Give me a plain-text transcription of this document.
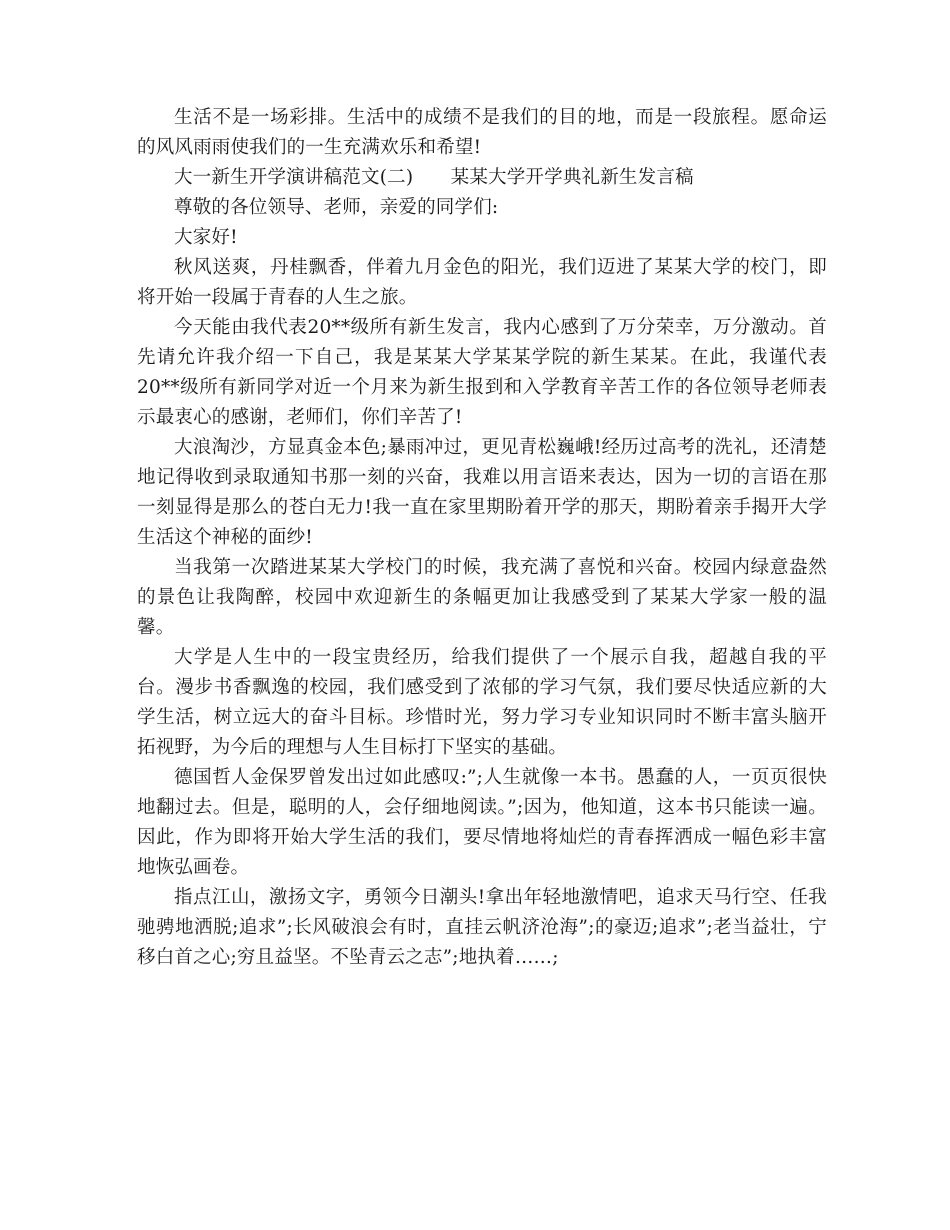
生活不是一场彩排。生活中的成绩不是我们的目的地，而是一段旅程。愿命运的风风雨雨使我们的一生充满欢乐和希望!

大一新生开学演讲稿范文(二)　　某某大学开学典礼新生发言稿

尊敬的各位领导、老师，亲爱的同学们:

大家好!

秋风送爽，丹桂飘香，伴着九月金色的阳光，我们迈进了某某大学的校门，即将开始一段属于青春的人生之旅。

今天能由我代表20**级所有新生发言，我内心感到了万分荣幸，万分激动。首先请允许我介绍一下自己，我是某某大学某某学院的新生某某。在此，我谨代表20**级所有新同学对近一个月来为新生报到和入学教育辛苦工作的各位领导老师表示最衷心的感谢，老师们，你们辛苦了!

大浪淘沙，方显真金本色;暴雨冲过，更见青松巍峨!经历过高考的洗礼，还清楚地记得收到录取通知书那一刻的兴奋，我难以用言语来表达，因为一切的言语在那一刻显得是那么的苍白无力!我一直在家里期盼着开学的那天，期盼着亲手揭开大学生活这个神秘的面纱!

当我第一次踏进某某大学校门的时候，我充满了喜悦和兴奋。校园内绿意盎然的景色让我陶醉，校园中欢迎新生的条幅更加让我感受到了某某大学家一般的温馨。

大学是人生中的一段宝贵经历，给我们提供了一个展示自我，超越自我的平台。漫步书香飘逸的校园，我们感受到了浓郁的学习气氛，我们要尽快适应新的大学生活，树立远大的奋斗目标。珍惜时光，努力学习专业知识同时不断丰富头脑开拓视野，为今后的理想与人生目标打下坚实的基础。

德国哲人金保罗曾发出过如此感叹:”;人生就像一本书。愚蠢的人，一页页很快地翻过去。但是，聪明的人，会仔细地阅读。”;因为，他知道，这本书只能读一遍。因此，作为即将开始大学生活的我们，要尽情地将灿烂的青春挥洒成一幅色彩丰富地恢弘画卷。

指点江山，激扬文字，勇领今日潮头!拿出年轻地激情吧，追求天马行空、任我驰骋地洒脱;追求”;长风破浪会有时，直挂云帆济沧海”;的豪迈;追求”;老当益壮，宁移白首之心;穷且益坚。不坠青云之志”;地执着……;
